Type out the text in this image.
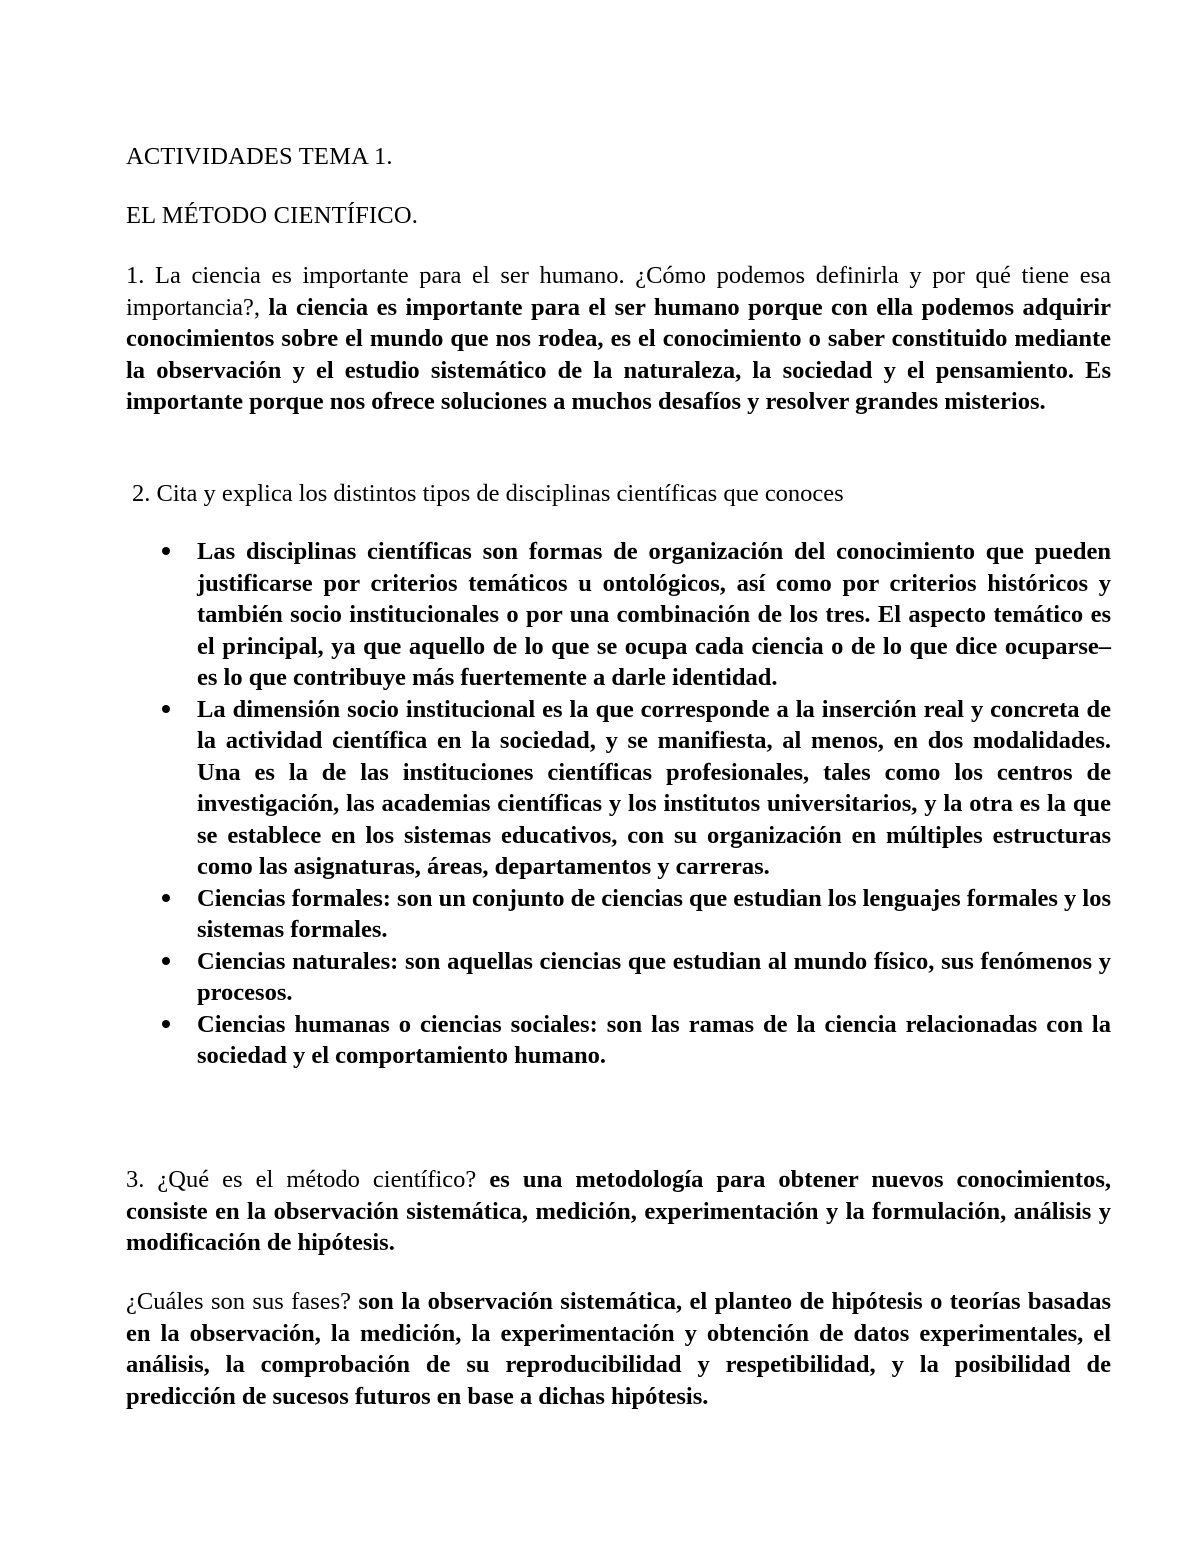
ACTIVIDADES TEMA 1.

EL MÉTODO CIENTÍFICO.

1. La ciencia es importante para el ser humano. ¿Cómo podemos definirla y por qué tiene esa importancia?, la ciencia es importante para el ser humano porque con ella podemos adquirir conocimientos sobre el mundo que nos rodea, es el conocimiento o saber constituido mediante la observación y el estudio sistemático de la naturaleza, la sociedad y el pensamiento. Es importante porque nos ofrece soluciones a muchos desafíos y resolver grandes misterios.

2. Cita y explica los distintos tipos de disciplinas científicas que conoces

Las disciplinas científicas son formas de organización del conocimiento que pueden justificarse por criterios temáticos u ontológicos, así como por criterios históricos y también socio institucionales o por una combinación de los tres. El aspecto temático es el principal, ya que aquello de lo que se ocupa cada ciencia o de lo que dice ocuparse– es lo que contribuye más fuertemente a darle identidad.
La dimensión socio institucional es la que corresponde a la inserción real y concreta de la actividad científica en la sociedad, y se manifiesta, al menos, en dos modalidades. Una es la de las instituciones científicas profesionales, tales como los centros de investigación, las academias científicas y los institutos universitarios, y la otra es la que se establece en los sistemas educativos, con su organización en múltiples estructuras como las asignaturas, áreas, departamentos y carreras.
Ciencias formales: son un conjunto de ciencias que estudian los lenguajes formales y los sistemas formales.
Ciencias naturales: son aquellas ciencias que estudian al mundo físico, sus fenómenos y procesos.
Ciencias humanas o ciencias sociales: son las ramas de la ciencia relacionadas con la sociedad y el comportamiento humano.

3. ¿Qué es el método científico? es una metodología para obtener nuevos conocimientos, consiste en la observación sistemática, medición, experimentación y la formulación, análisis y modificación de hipótesis.

¿Cuáles son sus fases? son la observación sistemática, el planteo de hipótesis o teorías basadas en la observación, la medición, la experimentación y obtención de datos experimentales, el análisis, la comprobación de su reproducibilidad y respetibilidad, y la posibilidad de predicción de sucesos futuros en base a dichas hipótesis.
